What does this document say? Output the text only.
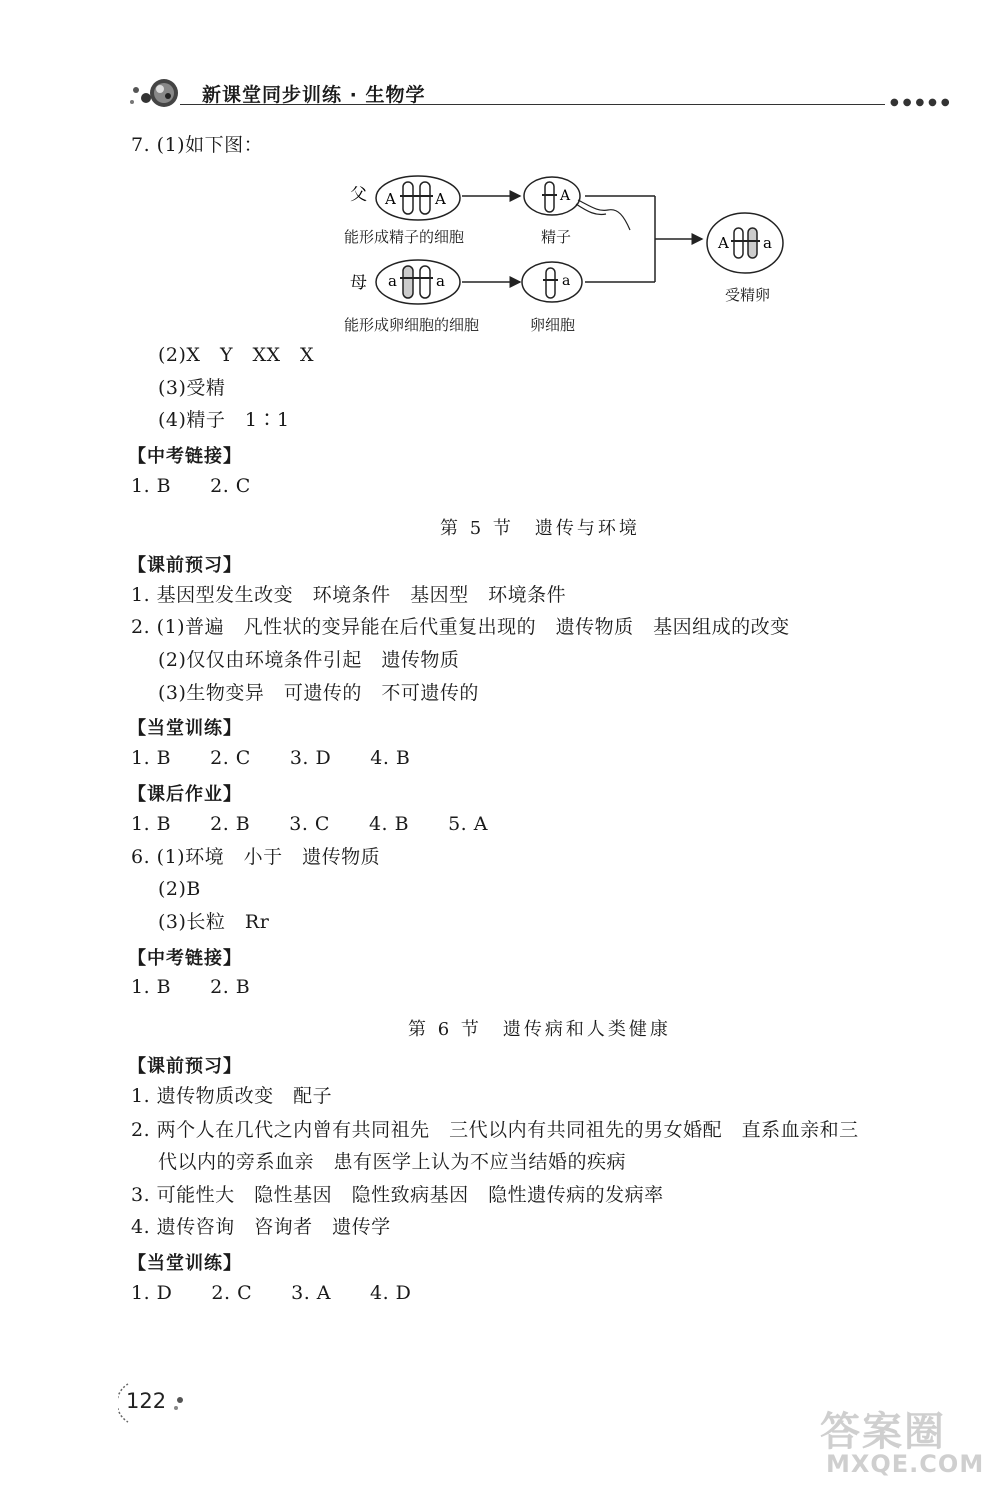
新课堂同步训练 · 生物学	●●●●●
7. (1)如下图：
父 A	A	A
母 a	a	a
A a
能形成精子的细胞	精子
能形成卵细胞的细胞	卵细胞
受精卵
(2)X　Y　XX　X
(3)受精
(4)精子　1∶1
【中考链接】
1. B　　2. C
第 5 节　遗传与环境
【课前预习】
1. 基因型发生改变　环境条件　基因型　环境条件
2. (1)普遍　凡性状的变异能在后代重复出现的　遗传物质　基因组成的改变
(2)仅仅由环境条件引起　遗传物质
(3)生物变异　可遗传的　不可遗传的
【当堂训练】
1. B　　2. C　　3. D　　4. B
【课后作业】
1. B　　2. B　　3. C　　4. B　　5. A
6. (1)环境　小于　遗传物质
(2)B
(3)长粒　Rr
【中考链接】
1. B　　2. B
第 6 节　遗传病和人类健康
【课前预习】
1. 遗传物质改变　配子
2. 两个人在几代之内曾有共同祖先　三代以内有共同祖先的男女婚配　直系血亲和三
代以内的旁系血亲　患有医学上认为不应当结婚的疾病
3. 可能性大　隐性基因　隐性致病基因　隐性遗传病的发病率
4. 遗传咨询　咨询者　遗传学
【当堂训练】
1. D　　2. C　　3. A　　4. D
122
答案圈
MXQE.COM
